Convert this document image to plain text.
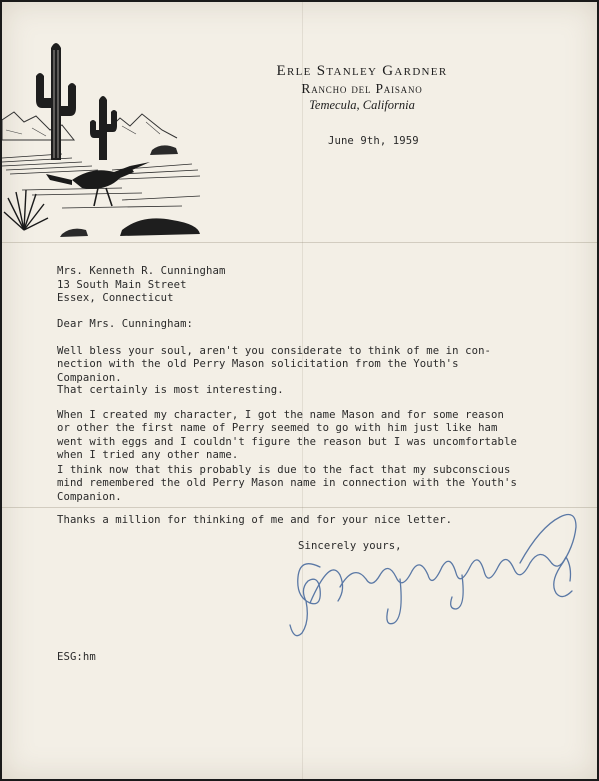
Erle Stanley Gardner
Rancho del Paisano
Temecula, California
June 9th, 1959
Mrs. Kenneth R. Cunningham
13 South Main Street
Essex, Connecticut
Dear Mrs. Cunningham:
Well bless your soul, aren't you considerate to think of me in con-
nection with the old Perry Mason solicitation from the Youth's
Companion.
That certainly is most interesting.
When I created my character, I got the name Mason and for some reason
or other the first name of Perry seemed to go with him just like ham
went with eggs and I couldn't figure the reason but I was uncomfortable
when I tried any other name.
I think now that this probably is due to the fact that my subconscious
mind remembered the old Perry Mason name in connection with the Youth's
Companion.
Thanks a million for thinking of me and for your nice letter.
Sincerely yours,
ESG:hm
